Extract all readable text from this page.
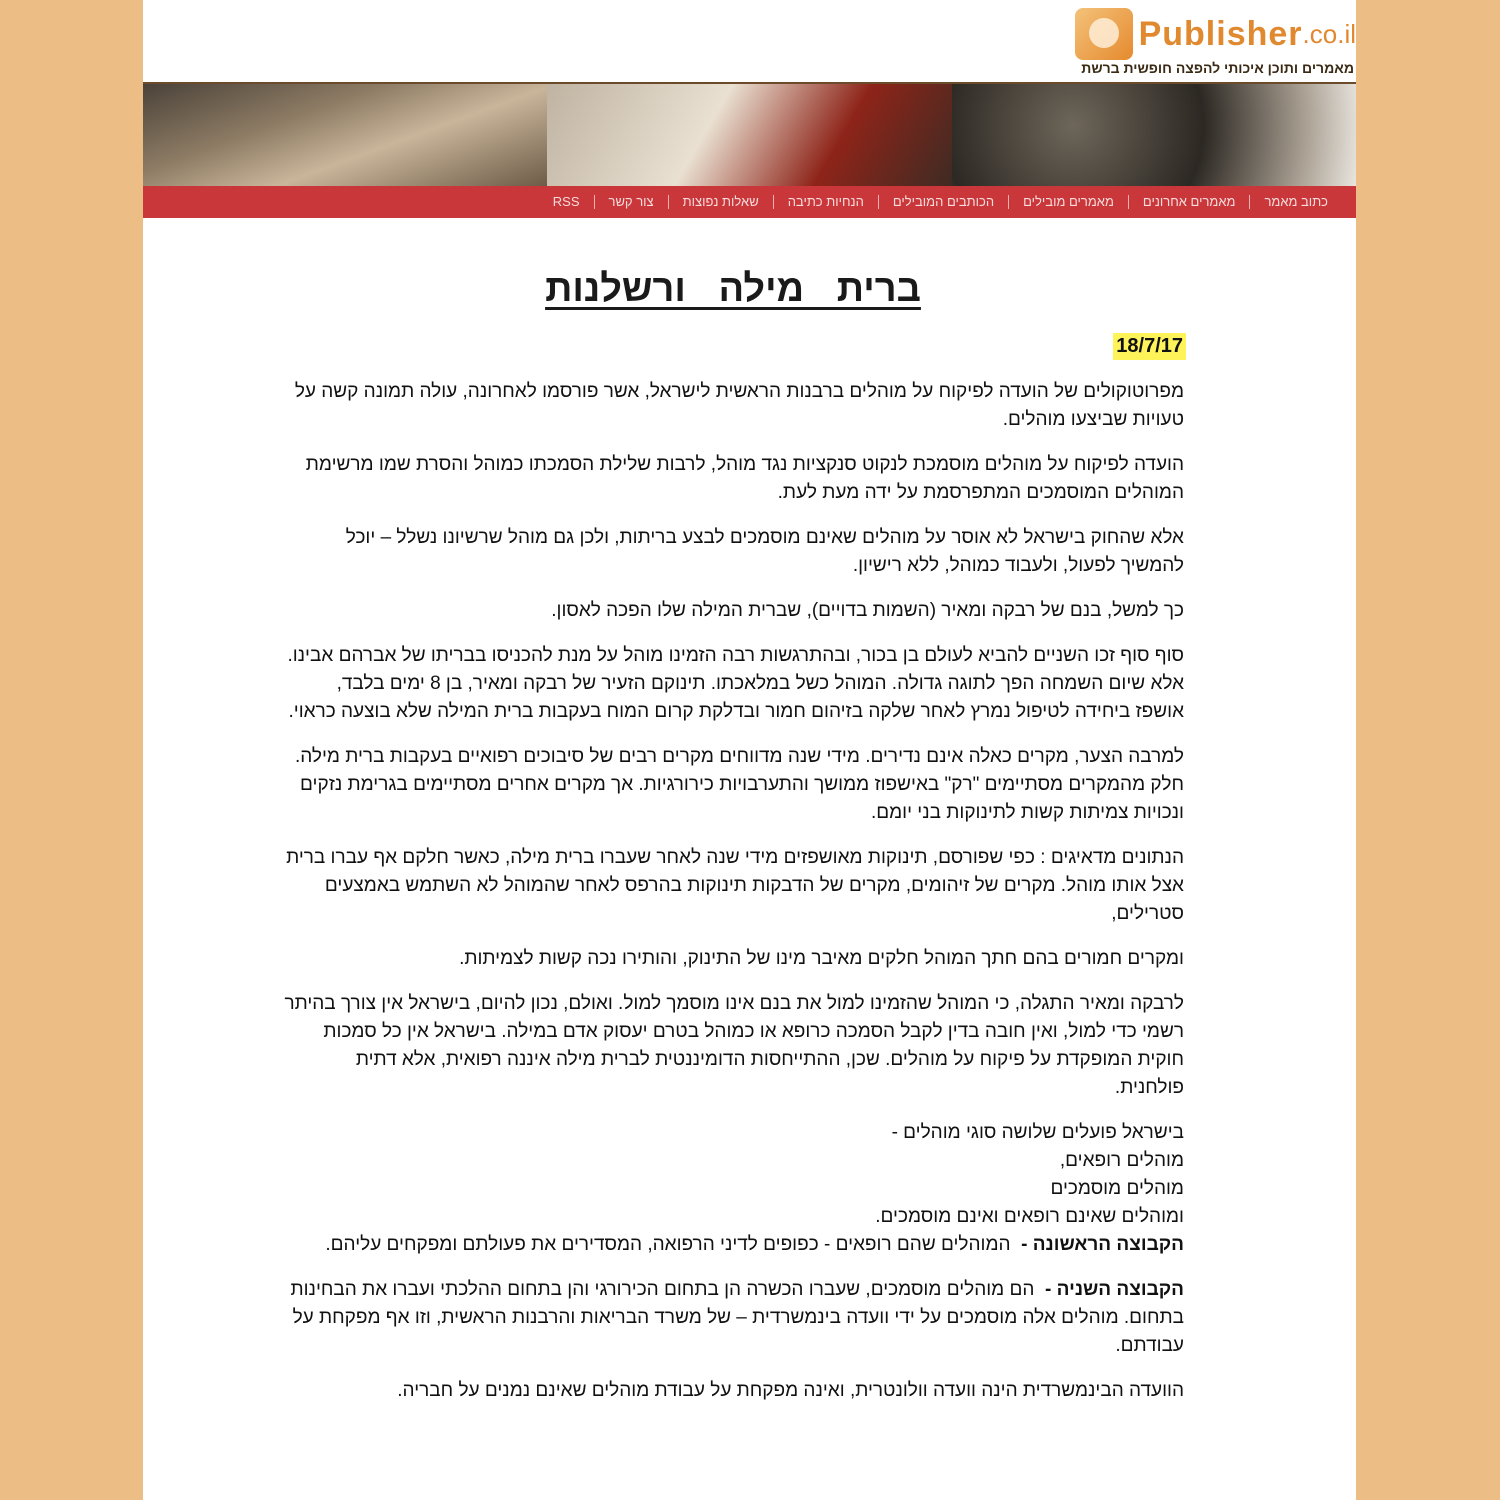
Publisher .co.il
מאמרים ותוכן איכותי להפצה חופשית ברשת
כתוב מאמר
מאמרים אחרונים
מאמרים מובילים
הכותבים המובילים
הנחיות כתיבה
שאלות נפוצות
צור קשר
RSS
ברית מילה ורשלנות
18/7/17

מפרוטוקולים של הועדה לפיקוח על מוהלים ברבנות הראשית לישראל, אשר פורסמו לאחרונה, עולה תמונה קשה על טעויות שביצעו מוהלים.

הועדה לפיקוח על מוהלים מוסמכת לנקוט סנקציות נגד מוהל, לרבות שלילת הסמכתו כמוהל והסרת שמו מרשימת המוהלים המוסמכים המתפרסמת על ידה מעת לעת.

אלא שהחוק בישראל לא אוסר על מוהלים שאינם מוסמכים לבצע בריתות, ולכן גם מוהל שרשיונו נשלל – יוכל להמשיך לפעול, ולעבוד כמוהל, ללא רישיון.

כך למשל, בנם של רבקה ומאיר (השמות בדויים), שברית המילה שלו הפכה לאסון.

סוף סוף זכו השניים להביא לעולם בן בכור, ובהתרגשות רבה הזמינו מוהל על מנת להכניסו בבריתו של אברהם אבינו. אלא שיום השמחה הפך לתוגה גדולה. המוהל כשל במלאכתו. תינוקם הזעיר של רבקה ומאיר, בן 8 ימים בלבד, אושפז ביחידה לטיפול נמרץ לאחר שלקה בזיהום חמור ובדלקת קרום המוח בעקבות ברית המילה שלא בוצעה כראוי.

למרבה הצער, מקרים כאלה אינם נדירים. מידי שנה מדווחים מקרים רבים של סיבוכים רפואיים בעקבות ברית מילה. חלק מהמקרים מסתיימים "רק" באישפוז ממושך והתערבויות כירורגיות. אך מקרים אחרים מסתיימים בגרימת נזקים ונכויות צמיתות קשות לתינוקות בני יומם.

הנתונים מדאיגים : כפי שפורסם, תינוקות מאושפזים מידי שנה לאחר שעברו ברית מילה, כאשר חלקם אף עברו ברית אצל אותו מוהל. מקרים של זיהומים, מקרים של הדבקות תינוקות בהרפס לאחר שהמוהל לא השתמש באמצעים סטרילים,

ומקרים חמורים בהם חתך המוהל חלקים מאיבר מינו של התינוק, והותירו נכה קשות לצמיתות.

לרבקה ומאיר התגלה, כי המוהל שהזמינו למול את בנם אינו מוסמך למול. ואולם, נכון להיום, בישראל אין צורך בהיתר רשמי כדי למול, ואין חובה בדין לקבל הסמכה כרופא או כמוהל בטרם יעסוק אדם במילה. בישראל אין כל סמכות חוקית המופקדת על פיקוח על מוהלים. שכן, ההתייחסות הדומיננטית לברית מילה איננה רפואית, אלא דתית פולחנית.

בישראל פועלים שלושה סוגי מוהלים -

מוהלים רופאים,

מוהלים מוסמכים

ומוהלים שאינם רופאים ואינם מוסמכים.

הקבוצה הראשונה -  המוהלים שהם רופאים - כפופים לדיני הרפואה, המסדירים את פעולתם ומפקחים עליהם.

הקבוצה השניה -  הם מוהלים מוסמכים, שעברו הכשרה הן בתחום הכירורגי והן בתחום ההלכתי ועברו את הבחינות בתחום. מוהלים אלה מוסמכים על ידי וועדה בינמשרדית – של משרד הבריאות והרבנות הראשית, וזו אף מפקחת על עבודתם.

הוועדה הבינמשרדית הינה וועדה וולונטרית, ואינה מפקחת על עבודת מוהלים שאינם נמנים על חבריה.
